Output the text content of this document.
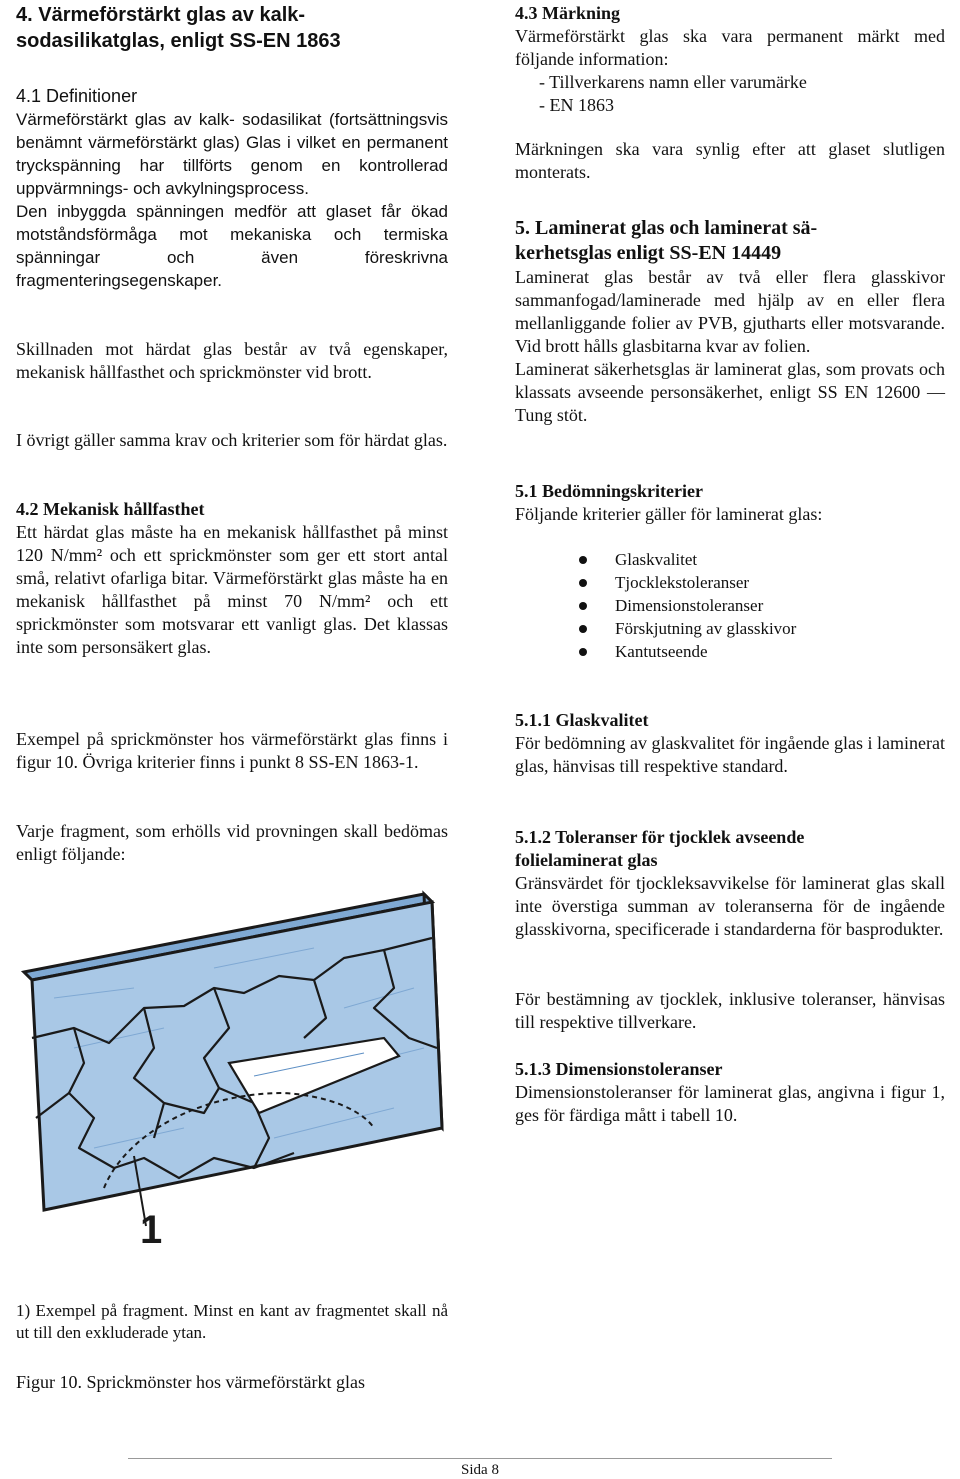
4. Värmeförstärkt glas av kalk-
sodasilikatglas, enligt SS-EN 1863
4.1 Definitioner

Värmeförstärkt glas av kalk- sodasilikat (fortsättningsvis benämnt värmeförstärkt glas) Glas i vilket en permanent tryckspänning har tillförts genom en kontrollerad uppvärmnings- och avkylningsprocess.

Den inbyggda spänningen medför att glaset får ökad motståndsförmåga mot mekaniska och termiska spänningar och även föreskrivna fragmenteringsegenskaper.

Skillnaden mot härdat glas består av två egenskaper, mekanisk hållfasthet och sprickmönster vid brott.

I övrigt gäller samma krav och kriterier som för härdat glas.

4.2 Mekanisk hållfasthet

Ett härdat glas måste ha en mekanisk hållfasthet på minst 120 N/mm² och ett sprickmönster som ger ett stort antal små, relativt ofarliga bitar. Värmeförstärkt glas måste ha en mekanisk hållfasthet på minst 70 N/mm² och ett sprickmönster som motsvarar ett vanligt glas. Det klassas inte som personsäkert glas.

Exempel på sprickmönster hos värmeförstärkt glas finns i figur 10. Övriga kriterier finns i punkt 8 SS-EN 1863-1.

Varje fragment, som erhölls vid provningen skall bedömas enligt följande:

1) Exempel på fragment. Minst en kant av fragmentet skall nå ut till den exkluderade ytan.

Figur 10. Sprickmönster hos värmeförstärkt glas

1
4.3 Märkning

Värmeförstärkt glas ska vara permanent märkt med följande information:

- Tillverkarens namn eller varumärke

- EN 1863

Märkningen ska vara synlig efter att glaset slutligen monterats.

5. Laminerat glas och laminerat sä-
kerhetsglas enligt SS-EN 14449

Laminerat glas består av två eller flera glasskivor sammanfogad/laminerade med hjälp av en eller flera mellanliggande folier av PVB, gjutharts eller motsvarande. Vid brott hålls glasbitarna kvar av folien.

Laminerat säkerhetsglas är laminerat glas, som provats och klassats avseende personsäkerhet, enligt SS EN 12600 — Tung stöt.

5.1 Bedömningskriterier

Följande kriterier gäller för laminerat glas:

Glaskvalitet
Tjocklekstoleranser
Dimensionstoleranser
Förskjutning av glasskivor
Kantutseende
5.1.1 Glaskvalitet

För bedömning av glaskvalitet för ingående glas i laminerat glas, hänvisas till respektive standard.

5.1.2 Toleranser för tjocklek avseende
folielaminerat glas

Gränsvärdet för tjockleksavvikelse för laminerat glas skall inte överstiga summan av toleranserna för de ingående glasskivorna, specificerade i standarderna för basprodukter.

För bestämning av tjocklek, inklusive toleranser, hänvisas till respektive tillverkare.

5.1.3 Dimensionstoleranser

Dimensionstoleranser för laminerat glas, angivna i figur 1, ges för färdiga mått i tabell 10.

Sida 8
